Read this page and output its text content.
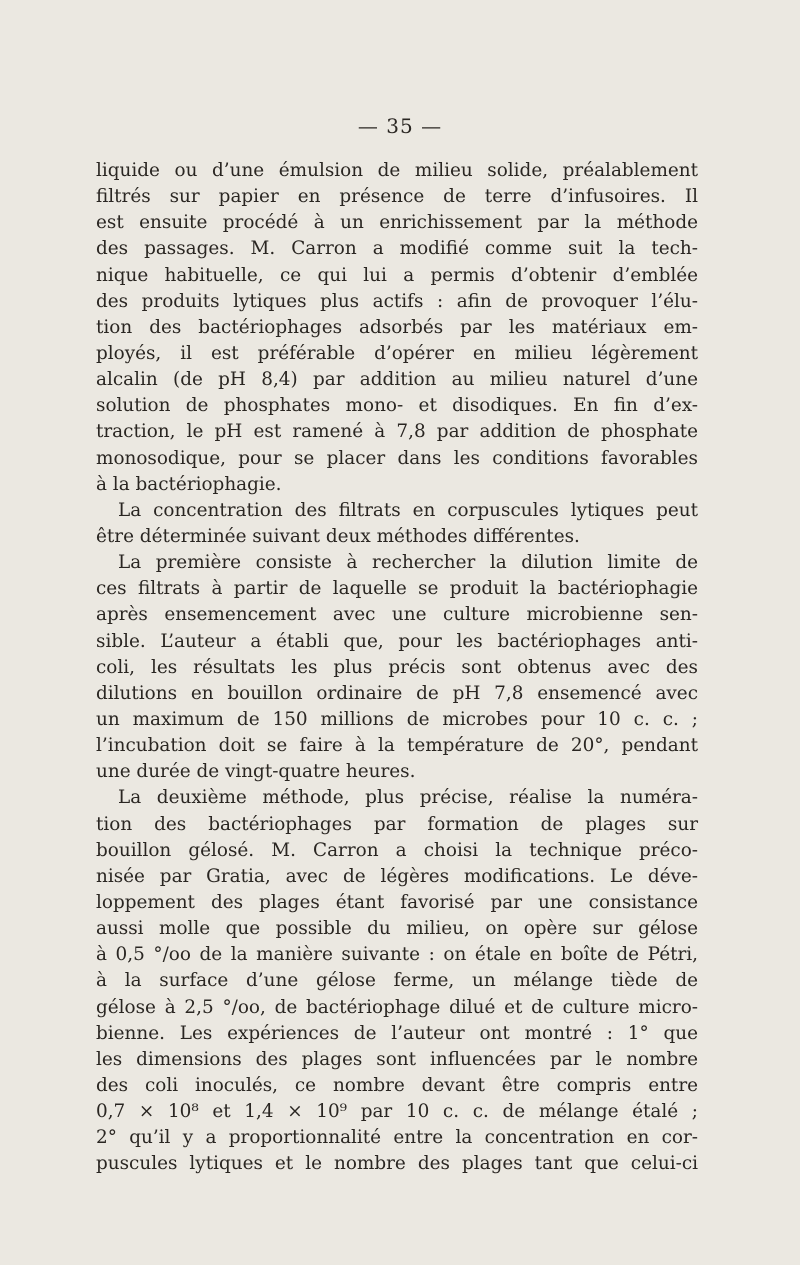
— 35 —
liquide ou d’une émulsion de milieu solide, préalablement
filtrés sur papier en présence de terre d’infusoires. Il
est ensuite procédé à un enrichissement par la méthode
des passages. M. Carron a modifié comme suit la tech-
nique habituelle, ce qui lui a permis d’obtenir d’emblée
des produits lytiques plus actifs : afin de provoquer l’élu-
tion des bactériophages adsorbés par les matériaux em-
ployés, il est préférable d’opérer en milieu légèrement
alcalin (de pH 8,4) par addition au milieu naturel d’une
solution de phosphates mono- et disodiques. En fin d’ex-
traction, le pH est ramené à 7,8 par addition de phosphate
monosodique, pour se placer dans les conditions favorables
à la bactériophagie.
La concentration des filtrats en corpuscules lytiques peut
être déterminée suivant deux méthodes différentes.
La première consiste à rechercher la dilution limite de
ces filtrats à partir de laquelle se produit la bactériophagie
après ensemencement avec une culture microbienne sen-
sible. L’auteur a établi que, pour les bactériophages anti-
coli, les résultats les plus précis sont obtenus avec des
dilutions en bouillon ordinaire de pH 7,8 ensemencé avec
un maximum de 150 millions de microbes pour 10 c. c. ;
l’incubation doit se faire à la température de 20°, pendant
une durée de vingt-quatre heures.
La deuxième méthode, plus précise, réalise la numéra-
tion des bactériophages par formation de plages sur
bouillon gélosé. M. Carron a choisi la technique préco-
nisée par Gratia, avec de légères modifications. Le déve-
loppement des plages étant favorisé par une consistance
aussi molle que possible du milieu, on opère sur gélose
à 0,5 °/oo de la manière suivante : on étale en boîte de Pétri,
à la surface d’une gélose ferme, un mélange tiède de
gélose à 2,5 °/oo, de bactériophage dilué et de culture micro-
bienne. Les expériences de l’auteur ont montré : 1° que
les dimensions des plages sont influencées par le nombre
des coli inoculés, ce nombre devant être compris entre
0,7 × 10⁸ et 1,4 × 10⁹ par 10 c. c. de mélange étalé ;
2° qu’il y a proportionnalité entre la concentration en cor-
puscules lytiques et le nombre des plages tant que celui-ci
